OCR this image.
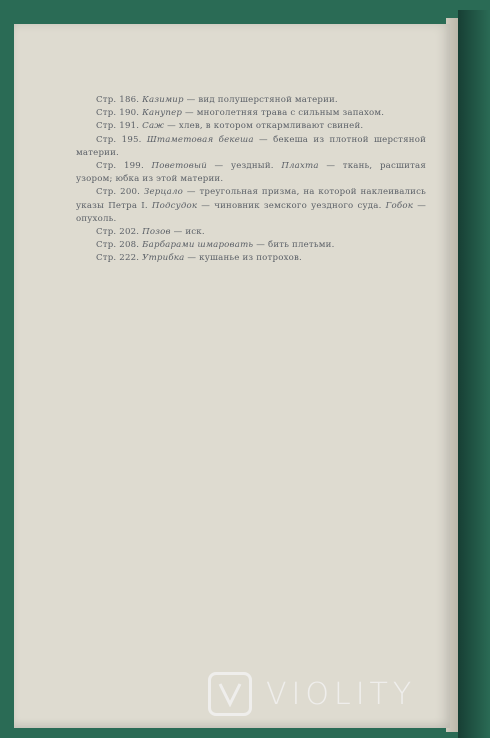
Стр. 186. Казимир — вид полушерстяной материи.

Стр. 190. Канупер — многолетняя трава с сильным запахом.

Стр. 191. Саж — хлев, в котором откармливают свиней.

Стр. 195. Штаметовая бекеша — бекеша из плотной шерстяной материи.

Стр. 199. Поветовый — уездный. Плахта — ткань, расшитая узором; юбка из этой материи.

Стр. 200. Зерцало — треугольная призма, на которой наклеивались указы Петра I. Подсудок — чиновник земского уездного суда. Гобок — опухоль.

Стр. 202. Позов — иск.

Стр. 208. Барбарами шмаровать — бить плетьми.

Стр. 222. Утрибка — кушанье из потрохов.

VIOLITY
